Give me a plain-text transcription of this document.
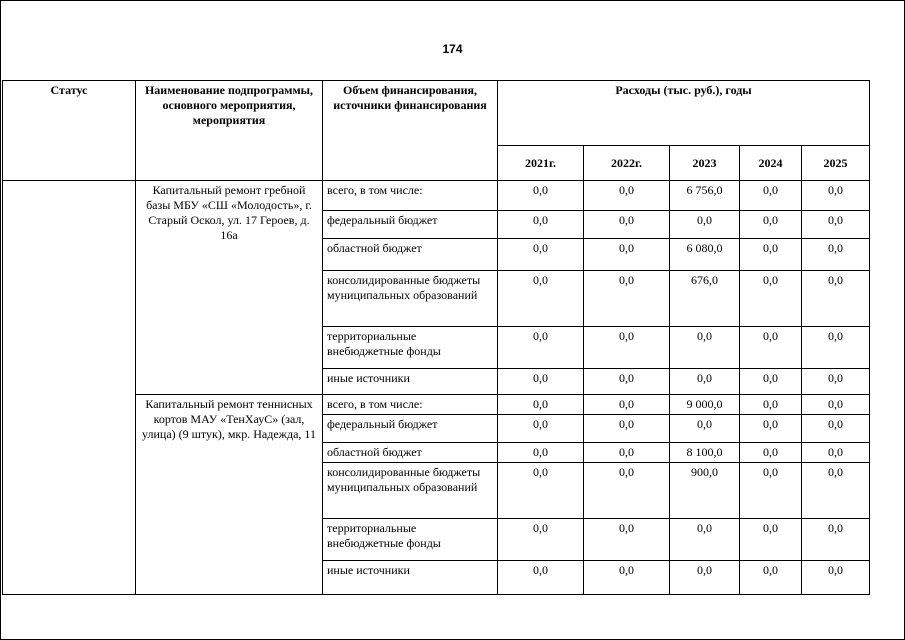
174
Статус	Наименование подпрограммы, основного мероприятия, мероприятия	Объем финансирования, источники финансирования	Расходы (тыс. руб.), годы				
			2021г.	2022г.	2023	2024	2025
	Капитальный ремонт гребной базы МБУ «СШ «Молодость», г. Старый Оскол, ул. 17 Героев, д. 16а	всего, в том числе:	0,0	0,0	6 756,0	0,0	0,0
		федеральный бюджет	0,0	0,0	0,0	0,0	0,0
		областной бюджет	0,0	0,0	6 080,0	0,0	0,0
		консолидированные бюджеты муниципальных образований	0,0	0,0	676,0	0,0	0,0
		территориальные внебюджетные фонды	0,0	0,0	0,0	0,0	0,0
		иные источники	0,0	0,0	0,0	0,0	0,0
	Капитальный ремонт теннисных кортов МАУ «ТенХауС» (зал, улица) (9 штук), мкр. Надежда, 11	всего, в том числе:	0,0	0,0	9 000,0	0,0	0,0
		федеральный бюджет	0,0	0,0	0,0	0,0	0,0
		областной бюджет	0,0	0,0	8 100,0	0,0	0,0
		консолидированные бюджеты муниципальных образований	0,0	0,0	900,0	0,0	0,0
		территориальные внебюджетные фонды	0,0	0,0	0,0	0,0	0,0
		иные источники	0,0	0,0	0,0	0,0	0,0
